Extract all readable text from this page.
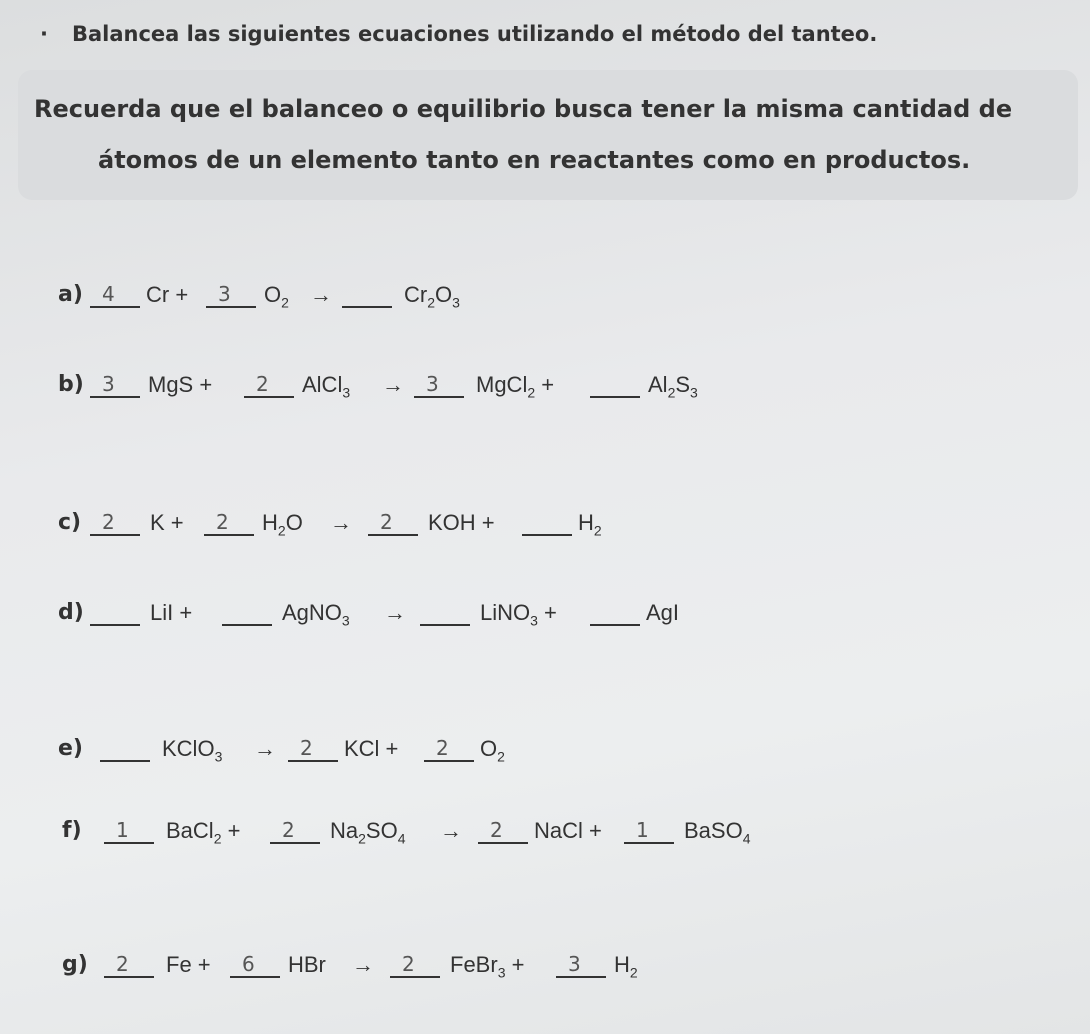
· Balancea las siguientes ecuaciones utilizando el método del tanteo.
Recuerda que el balanceo o equilibrio busca tener la misma cantidad de
átomos de un elemento tanto en reactantes como en productos.
a) 4 Cr + 3 $O_2$ →	$Cr_2O_3$
b) 3 MgS + 2 AlCl$_3$ → 3 MgCl$_2$ +	$Al_2S_3$
c) 2 K + 2 $H_2O \to 2$ KOH +	$H_2$
d)	LiI +	AgNO$_3$ →	LiNO$_3$ +	AgI
e)	KClO$_3$ → 2 KCl + 2 $O_2$
f) 1 BaCl$_2$ + 2 $Na_2SO_4 \to 2$ NaCl + 1 BaSO$_4$
g) 2 Fe + 6 HBr → 2 FeBr$_3$ + 3 $H_2$
